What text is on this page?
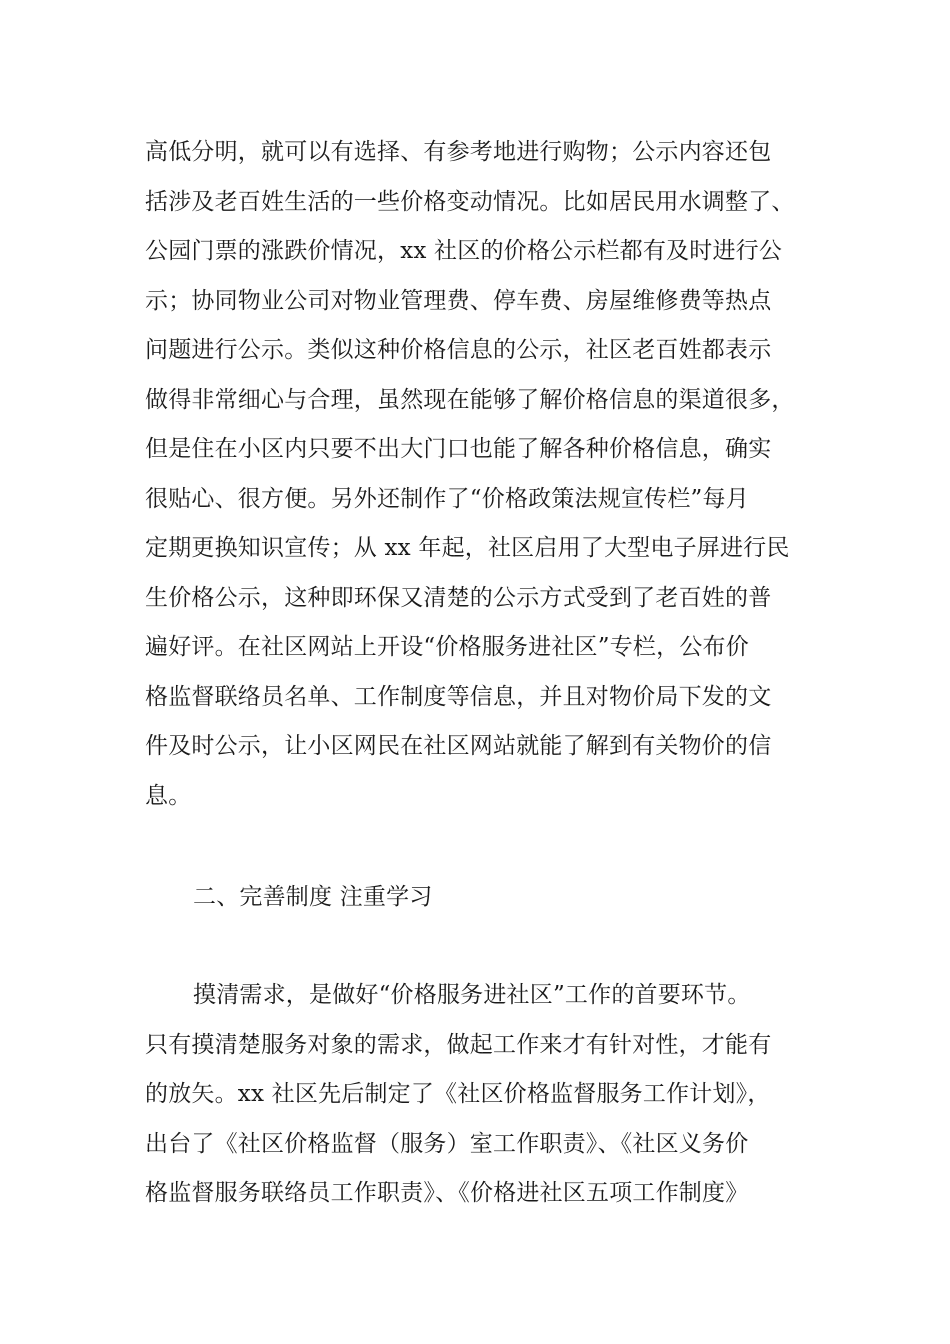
高低分明，就可以有选择、有参考地进行购物；公示内容还包
括涉及老百姓生活的一些价格变动情况。比如居民用水调整了、
公园门票的涨跌价情况，xx 社区的价格公示栏都有及时进行公
示；协同物业公司对物业管理费、停车费、房屋维修费等热点
问题进行公示。类似这种价格信息的公示，社区老百姓都表示
做得非常细心与合理，虽然现在能够了解价格信息的渠道很多，
但是住在小区内只要不出大门口也能了解各种价格信息，确实
很贴心、很方便。另外还制作了“价格政策法规宣传栏”每月
定期更换知识宣传；从 xx 年起，社区启用了大型电子屏进行民
生价格公示，这种即环保又清楚的公示方式受到了老百姓的普
遍好评。在社区网站上开设“价格服务进社区”专栏，公布价
格监督联络员名单、工作制度等信息，并且对物价局下发的文
件及时公示，让小区网民在社区网站就能了解到有关物价的信
息。
二、完善制度 注重学习
摸清需求，是做好“价格服务进社区”工作的首要环节。
只有摸清楚服务对象的需求，做起工作来才有针对性，才能有
的放矢。xx 社区先后制定了《社区价格监督服务工作计划》，
出台了《社区价格监督（服务）室工作职责》、《社区义务价
格监督服务联络员工作职责》、《价格进社区五项工作制度》
